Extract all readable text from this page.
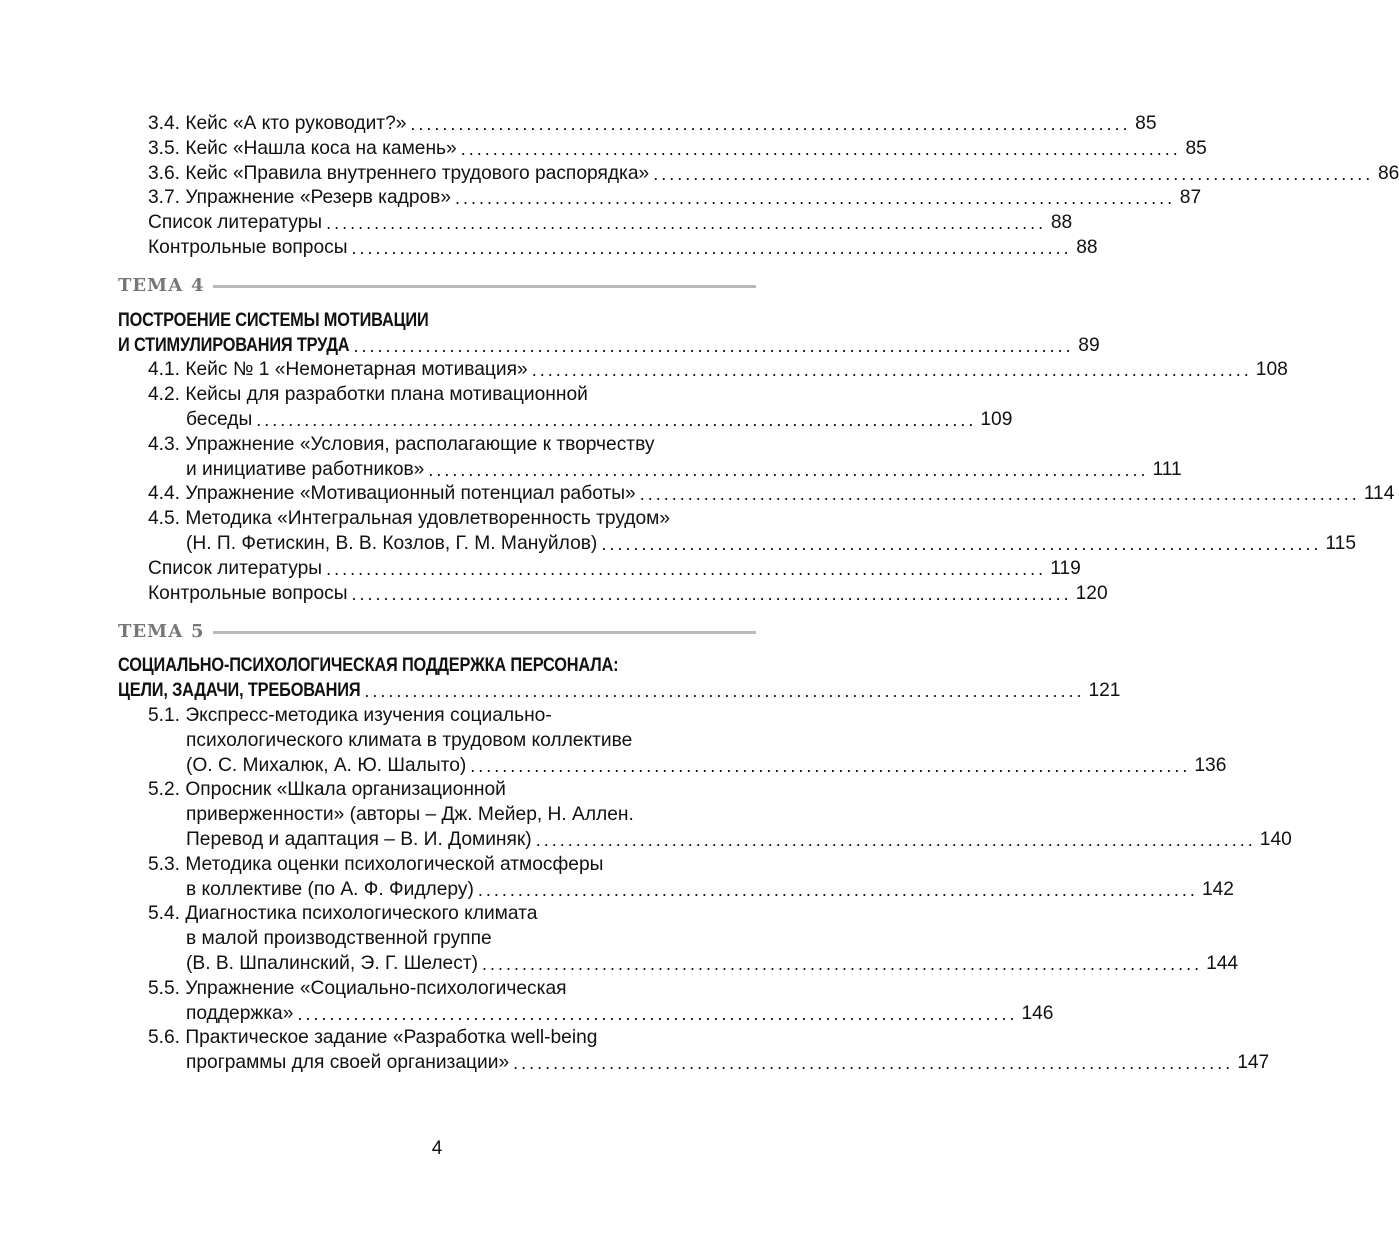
3.4. Кейс «А кто руководит?» .......................................................................................... 85
3.5. Кейс «Нашла коса на камень» .......................................................................................... 85
3.6. Кейс «Правила внутреннего трудового распорядка» .......................................................................................... 86
3.7. Упражнение «Резерв кадров» .......................................................................................... 87
Список литературы .......................................................................................... 88
Контрольные вопросы .......................................................................................... 88
ТЕМА 4
ПОСТРОЕНИЕ СИСТЕМЫ МОТИВАЦИИ
И СТИМУЛИРОВАНИЯ ТРУДА .......................................................................................... 89
4.1. Кейс № 1 «Немонетарная мотивация» .......................................................................................... 108
4.2. Кейсы для разработки плана мотивационной
беседы .......................................................................................... 109
4.3. Упражнение «Условия, располагающие к творчеству
и инициативе работников» .......................................................................................... 111
4.4. Упражнение «Мотивационный потенциал работы» .......................................................................................... 114
4.5. Методика «Интегральная удовлетворенность трудом»
(Н. П. Фетискин, В. В. Козлов, Г. М. Мануйлов) .......................................................................................... 115
Список литературы .......................................................................................... 119
Контрольные вопросы .......................................................................................... 120
ТЕМА 5
СОЦИАЛЬНО-ПСИХОЛОГИЧЕСКАЯ ПОДДЕРЖКА ПЕРСОНАЛА:
ЦЕЛИ, ЗАДАЧИ, ТРЕБОВАНИЯ .......................................................................................... 121
5.1. Экспресс-методика изучения социально-
психологического климата в трудовом коллективе
(О. С. Михалюк, А. Ю. Шалыто) .......................................................................................... 136
5.2. Опросник «Шкала организационной
приверженности» (авторы – Дж. Мейер, Н. Аллен.
Перевод и адаптация – В. И. Доминяк) .......................................................................................... 140
5.3. Методика оценки психологической атмосферы
в коллективе (по А. Ф. Фидлеру) .......................................................................................... 142
5.4. Диагностика психологического климата
в малой производственной группе
(В. В. Шпалинский, Э. Г. Шелест) .......................................................................................... 144
5.5. Упражнение «Социально-психологическая
поддержка» .......................................................................................... 146
5.6. Практическое задание «Разработка well-being
программы для своей организации» .......................................................................................... 147
4
